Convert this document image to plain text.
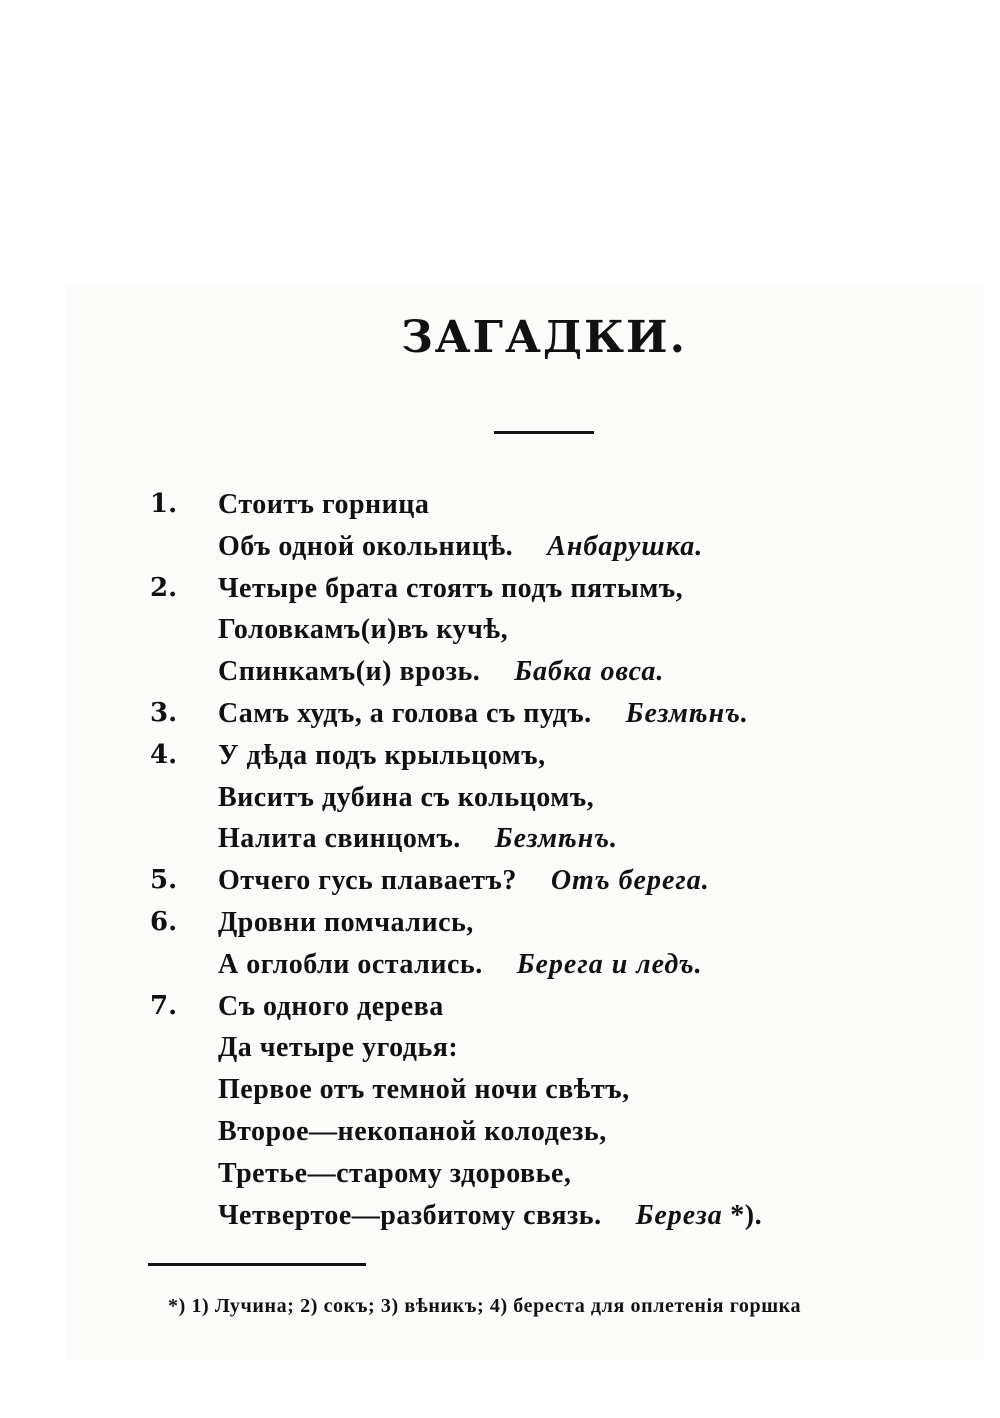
ЗАГАДКИ.
1.	Стоитъ горница
Объ одной окольницѣ. Анбарушка.
2.	Четыре брата стоятъ подъ пятымъ,
Головкамъ(и)въ кучѣ,
Спинкамъ(и) врозь. Бабка овса.
3.	Самъ худъ, а голова съ пудъ. Безмѣнъ.
4.	У дѣда подъ крыльцомъ,
Виситъ дубина съ кольцомъ,
Налита свинцомъ. Безмѣнъ.
5.	Отчего гусь плаваетъ? Отъ берега.
6.	Дровни помчались,
А оглобли остались. Берега и ледъ.
7.	Съ одного дерева
Да четыре угодья:
Первое отъ темной ночи свѣтъ,
Второе—некопаной колодезь,
Третье—старому здоровье,
Четвертое—разбитому связь. Береза *).
*) 1) Лучина; 2) сокъ; 3) вѣникъ; 4) береста для оплетенія горшка
